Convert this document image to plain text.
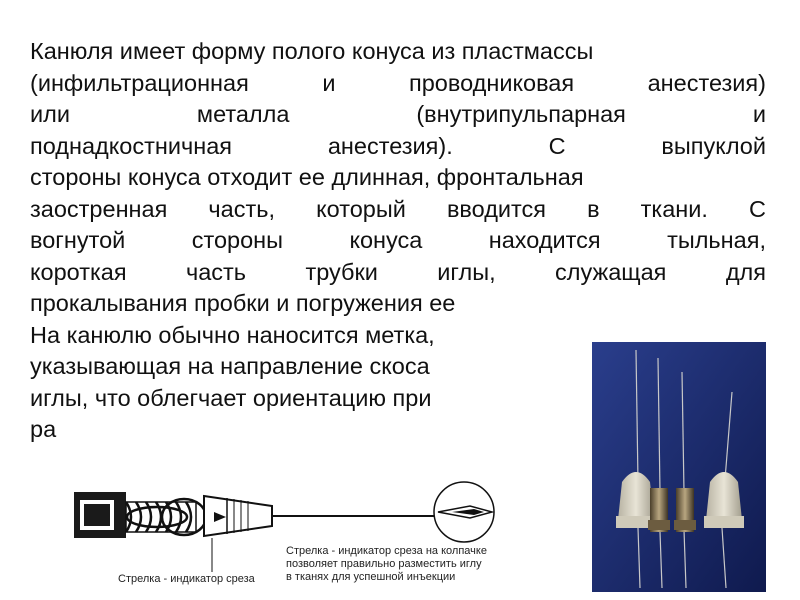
Канюля имеет форму полого конуса из пластмассы
(инфильтрационная	и	проводниковая	анестезия)
или	металла	(внутрипульпарная	и
поднадкостничная	анестезия).	С	выпуклой
стороны конуса отходит ее длинная, фронтальная
заостренная часть, который вводится в ткани. С
вогнутой	стороны	конуса	находится	тыльная,
короткая	часть	трубки	иглы,	служащая	для
прокалывания пробки и погружения ее
На канюлю обычно наносится метка,
указывающая на направление скоса
иглы, что облегчает ориентацию при
ра
Стрелка - индикатор среза на колпачке
позволяет правильно разместить иглу
в тканях для успешной инъекции
Стрелка - индикатор среза
